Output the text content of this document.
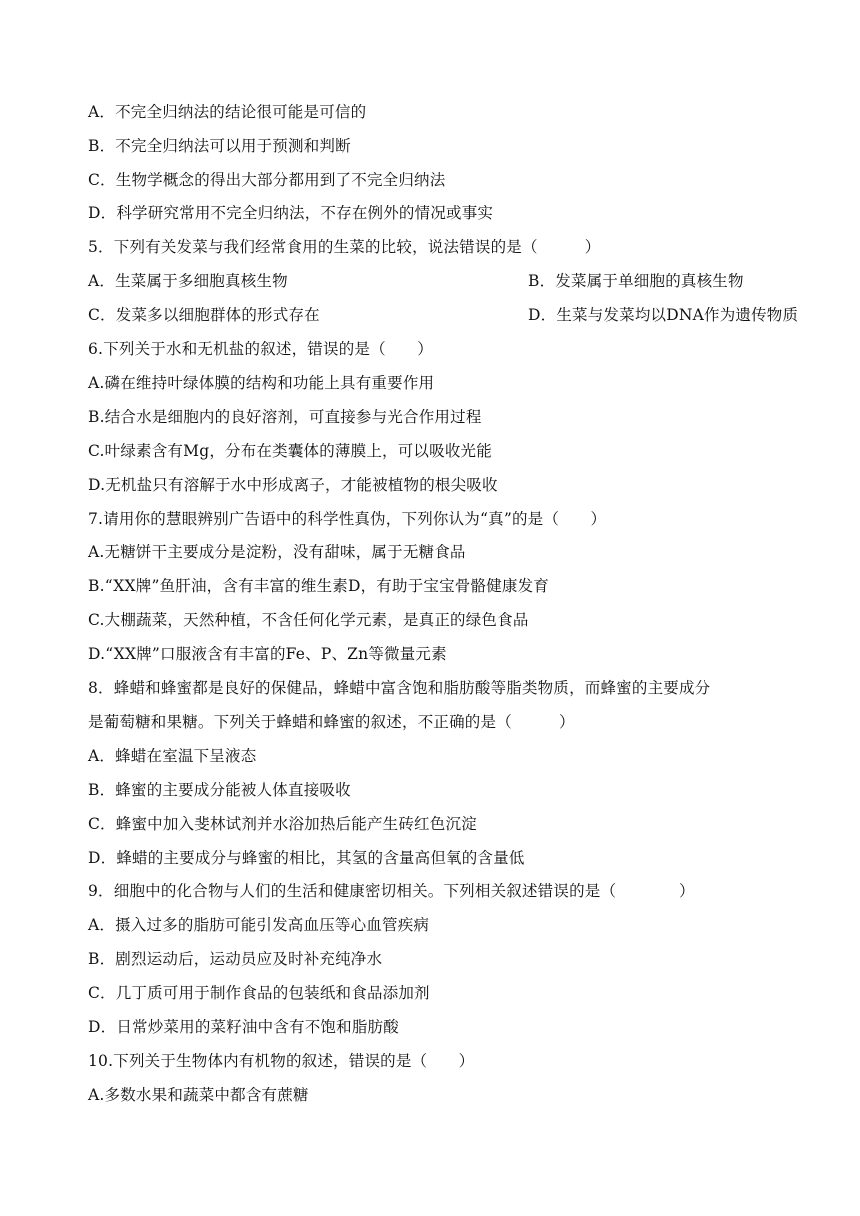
A．不完全归纳法的结论很可能是可信的
B．不完全归纳法可以用于预测和判断
C．生物学概念的得出大部分都用到了不完全归纳法
D．科学研究常用不完全归纳法，不存在例外的情况或事实
5．下列有关发菜与我们经常食用的生菜的比较，说法错误的是（　　　）
A．生菜属于多细胞真核生物	B．发菜属于单细胞的真核生物
C．发菜多以细胞群体的形式存在	D．生菜与发菜均以DNA作为遗传物质
6.下列关于水和无机盐的叙述，错误的是（　　）
A.磷在维持叶绿体膜的结构和功能上具有重要作用
B.结合水是细胞内的良好溶剂，可直接参与光合作用过程
C.叶绿素含有Mg，分布在类囊体的薄膜上，可以吸收光能
D.无机盐只有溶解于水中形成离子，才能被植物的根尖吸收
7.请用你的慧眼辨别广告语中的科学性真伪，下列你认为“真”的是（　　）
A.无糖饼干主要成分是淀粉，没有甜味，属于无糖食品
B.“XX牌”鱼肝油，含有丰富的维生素D，有助于宝宝骨骼健康发育
C.大棚蔬菜，天然种植，不含任何化学元素，是真正的绿色食品
D.“XX牌”口服液含有丰富的Fe、P、Zn等微量元素
8．蜂蜡和蜂蜜都是良好的保健品，蜂蜡中富含饱和脂肪酸等脂类物质，而蜂蜜的主要成分
是葡萄糖和果糖。下列关于蜂蜡和蜂蜜的叙述，不正确的是（　　　）
A．蜂蜡在室温下呈液态
B．蜂蜜的主要成分能被人体直接吸收
C．蜂蜜中加入斐林试剂并水浴加热后能产生砖红色沉淀
D．蜂蜡的主要成分与蜂蜜的相比，其氢的含量高但氧的含量低
9．细胞中的化合物与人们的生活和健康密切相关。下列相关叙述错误的是（　　　　）
A．摄入过多的脂肪可能引发高血压等心血管疾病
B．剧烈运动后，运动员应及时补充纯净水
C．几丁质可用于制作食品的包装纸和食品添加剂
D．日常炒菜用的菜籽油中含有不饱和脂肪酸
10.下列关于生物体内有机物的叙述，错误的是（　　）
A.多数水果和蔬菜中都含有蔗糖
